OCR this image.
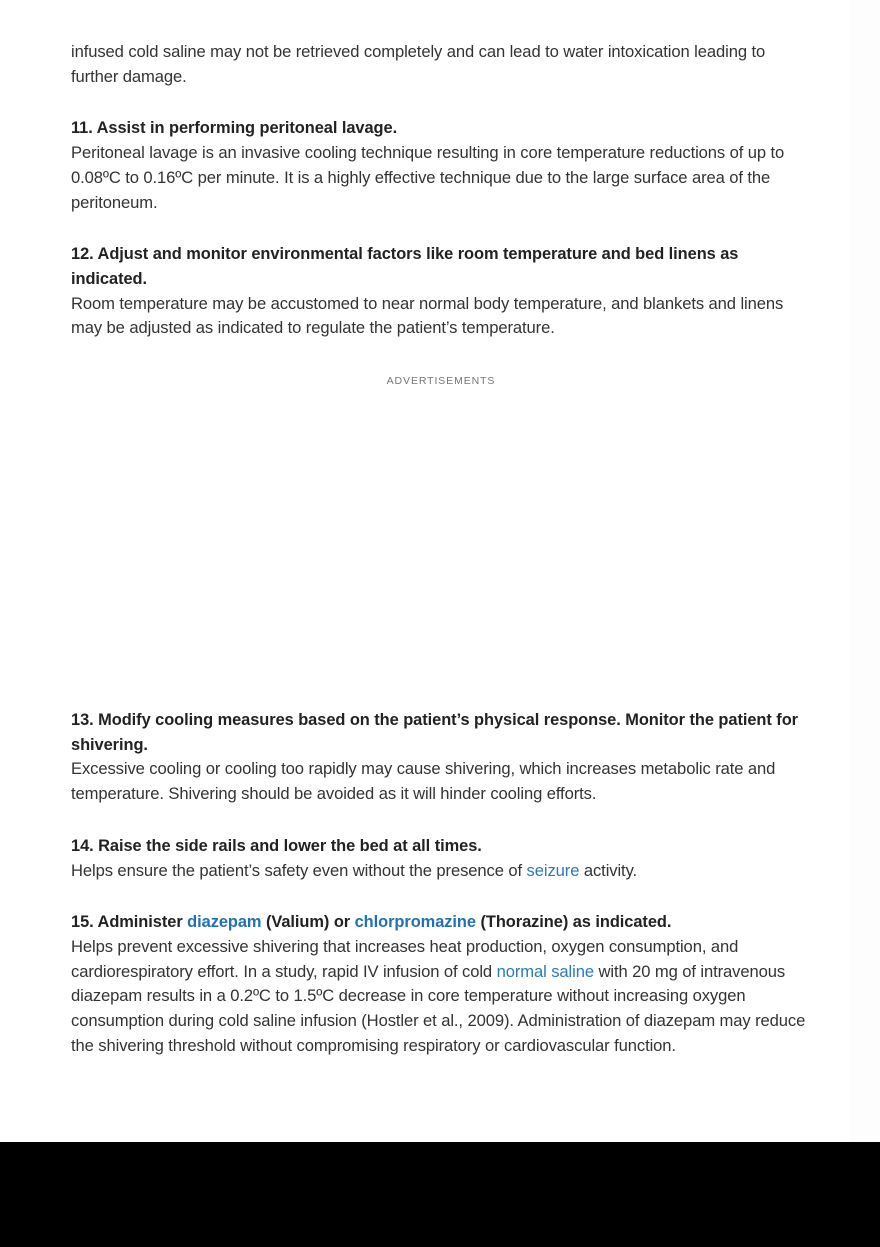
infused cold saline may not be retrieved completely and can lead to water intoxication leading to further damage.

11. Assist in performing peritoneal lavage.

Peritoneal lavage is an invasive cooling technique resulting in core temperature reductions of up to 0.08ºC to 0.16ºC per minute. It is a highly effective technique due to the large surface area of the peritoneum.

12. Adjust and monitor environmental factors like room temperature and bed linens as indicated.

Room temperature may be accustomed to near normal body temperature, and blankets and linens may be adjusted as indicated to regulate the patient’s temperature.

ADVERTISEMENTS

13. Modify cooling measures based on the patient’s physical response. Monitor the patient for shivering.

Excessive cooling or cooling too rapidly may cause shivering, which increases metabolic rate and temperature. Shivering should be avoided as it will hinder cooling efforts.

14. Raise the side rails and lower the bed at all times.

Helps ensure the patient’s safety even without the presence of seizure activity.

15. Administer diazepam (Valium) or chlorpromazine (Thorazine) as indicated.

Helps prevent excessive shivering that increases heat production, oxygen consumption, and cardiorespiratory effort. In a study, rapid IV infusion of cold normal saline with 20 mg of intravenous diazepam results in a 0.2ºC to 1.5ºC decrease in core temperature without increasing oxygen consumption during cold saline infusion (Hostler et al., 2009). Administration of diazepam may reduce the shivering threshold without compromising respiratory or cardiovascular function.
